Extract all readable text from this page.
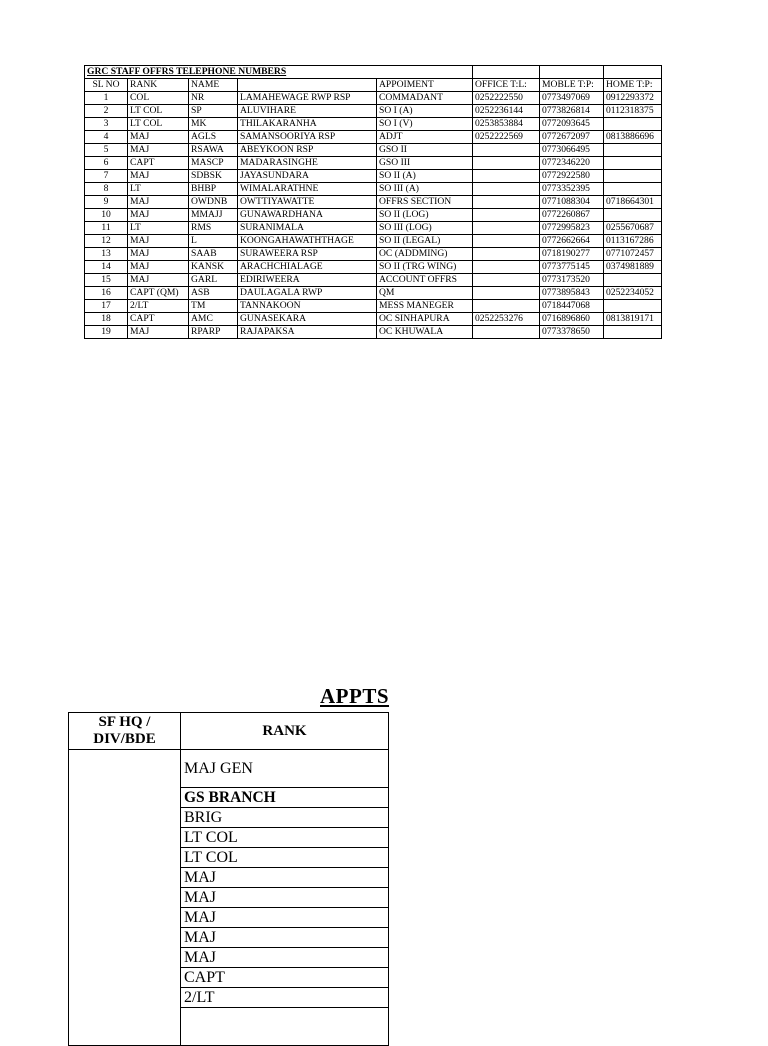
GRC STAFF OFFRS TELEPHONE NUMBERS							
SL NO	RANK	NAME		APPOIMENT	OFFICE T:L:	MOBLE T:P:	HOME T:P:
1	COL	NR	LAMAHEWAGE RWP RSP	COMMADANT	0252222550	0773497069	0912293372
2	LT COL	SP	ALUVIHARE	SO I (A)	0252236144	0773826814	0112318375
3	LT COL	MK	THILAKARANHA	SO I (V)	0253853884	0772093645	
4	MAJ	AGLS	SAMANSOORIYA RSP	ADJT	0252222569	0772672097	0813886696
5	MAJ	RSAWA	ABEYKOON RSP	GSO II		0773066495	
6	CAPT	MASCP	MADARASINGHE	GSO III		0772346220	
7	MAJ	SDBSK	JAYASUNDARA	SO II (A)		0772922580	
8	LT	BHBP	WIMALARATHNE	SO III (A)		0773352395	
9	MAJ	OWDNB	OWTTIYAWATTE	OFFRS SECTION		0771088304	0718664301
10	MAJ	MMAJJ	GUNAWARDHANA	SO II (LOG)		0772260867	
11	LT	RMS	SURANIMALA	SO III (LOG)		0772995823	0255670687
12	MAJ	L	KOONGAHAWATHTHAGE	SO II (LEGAL)		0772662664	0113167286
13	MAJ	SAAB	SURAWEERA RSP	OC (ADDMING)		0718190277	0771072457
14	MAJ	KANSK	ARACHCHIALAGE	SO II (TRG WING)		0773775145	0374981889
15	MAJ	GARL	EDIRIWEERA	ACCOUNT OFFRS		0773173520	
16	CAPT (QM)	ASB	DAULAGALA RWP	QM		0773895843	0252234052
17	2/LT	TM	TANNAKOON	MESS MANEGER		0718447068	
18	CAPT	AMC	GUNASEKARA	OC SINHAPURA	0252253276	0716896860	0813819171
19	MAJ	RPARP	RAJAPAKSA	OC KHUWALA		0773378650	
APPTS
SF HQ / DIV/BDE	RANK
	MAJ GEN
	GS BRANCH
	BRIG
	LT COL
	LT COL
	MAJ
	MAJ
	MAJ
	MAJ
	MAJ
	CAPT
	2/LT
